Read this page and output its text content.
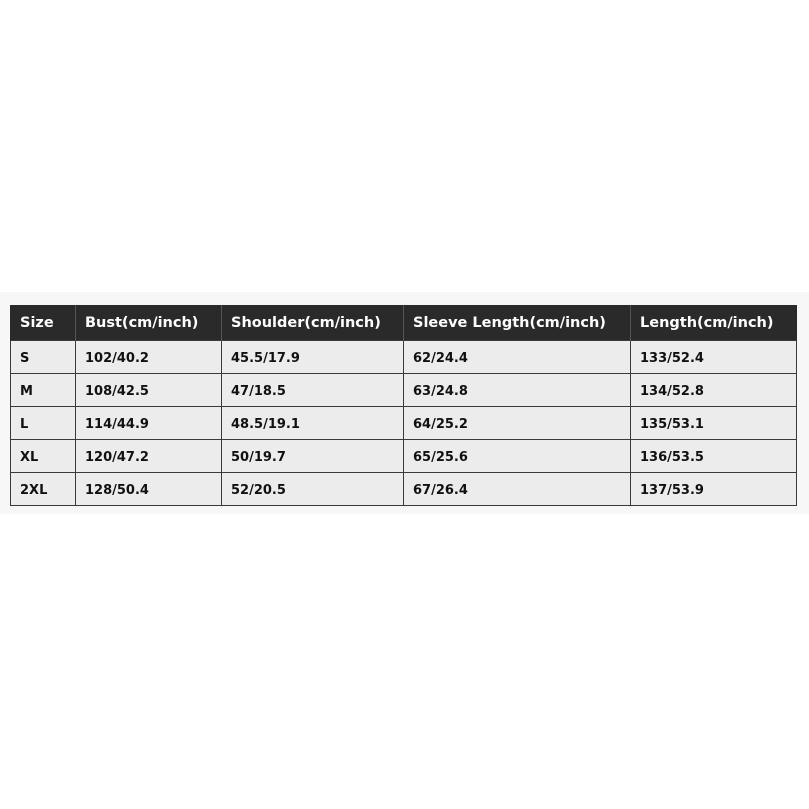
Size	Bust(cm/inch)	Shoulder(cm/inch)	Sleeve Length(cm/inch)	Length(cm/inch)
S	102/40.2	45.5/17.9	62/24.4	133/52.4
M	108/42.5	47/18.5	63/24.8	134/52.8
L	114/44.9	48.5/19.1	64/25.2	135/53.1
XL	120/47.2	50/19.7	65/25.6	136/53.5
2XL	128/50.4	52/20.5	67/26.4	137/53.9
